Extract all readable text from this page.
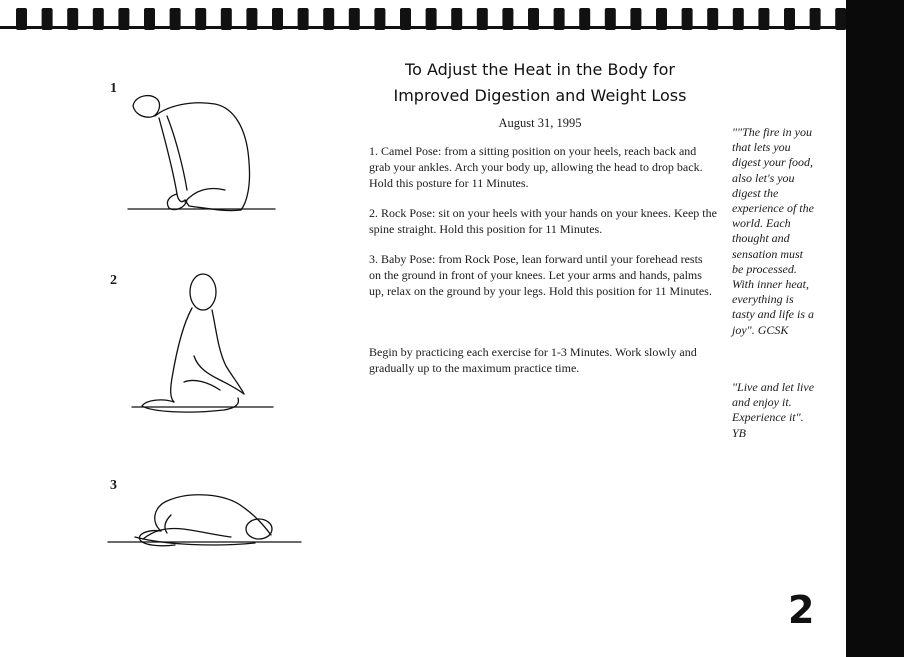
1
2
3
To Adjust the Heat in the Body for
Improved Digestion and Weight Loss
August 31, 1995

1. Camel Pose: from a sitting position on your heels, reach back and grab your ankles. Arch your body up, allowing the head to drop back. Hold this posture for 11 Minutes.

2. Rock Pose: sit on your heels with your hands on your knees. Keep the spine straight. Hold this position for 11 Minutes.

3. Baby Pose: from Rock Pose, lean forward until your forehead rests on the ground in front of your knees. Let your arms and hands, palms up, relax on the ground by your legs. Hold this position for 11 Minutes.

Begin by practicing each exercise for 1-3 Minutes. Work slowly and gradually up to the maximum practice time.

""The fire in you that lets you digest your food, also let's you digest the experience of the world. Each thought and sensation must be processed. With inner heat, everything is tasty and life is a joy". GCSK

"Live and let live and enjoy it. Experience it". YB

2
